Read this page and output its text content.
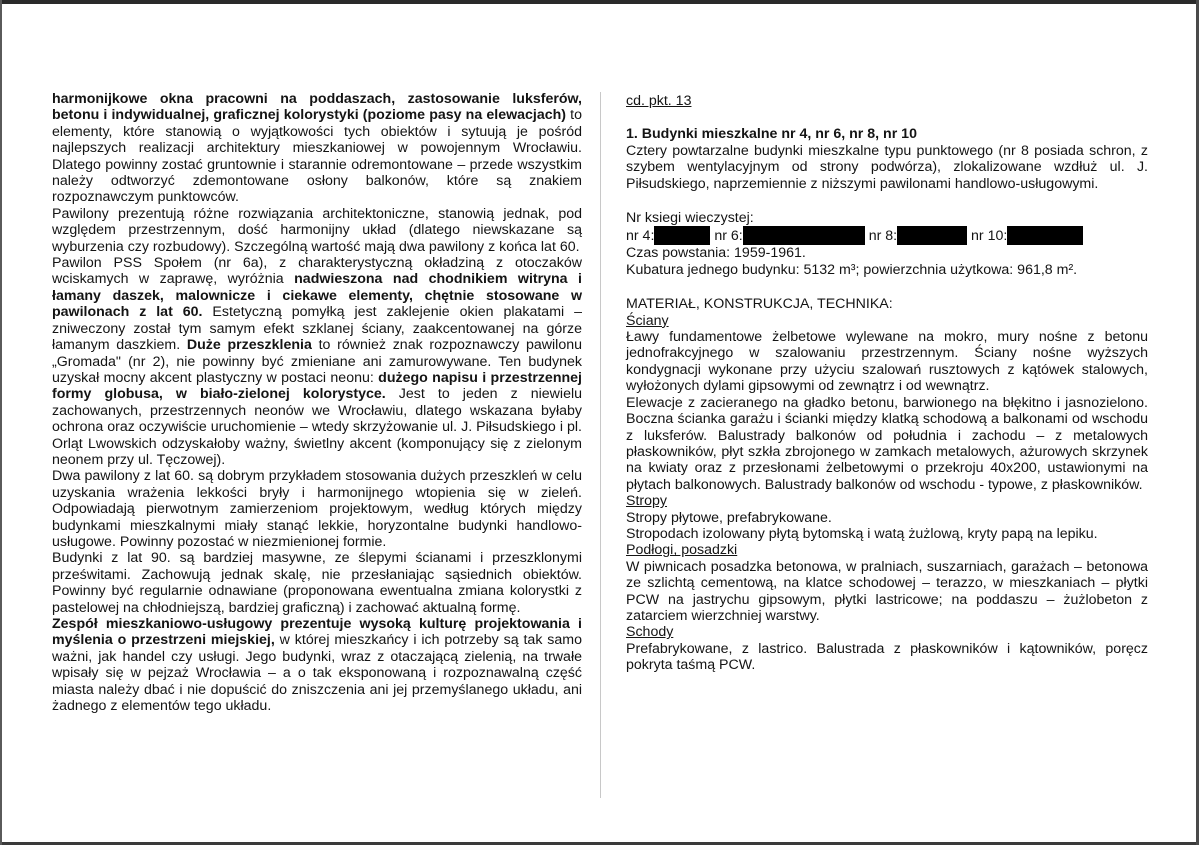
harmonijkowe okna pracowni na poddaszach, zastosowanie luksferów, betonu i indywidualnej, graficznej kolorystyki (poziome pasy na elewacjach) to elementy, które stanowią o wyjątkowości tych obiektów i sytuują je pośród najlepszych realizacji architektury mieszkaniowej w powojennym Wrocławiu. Dlatego powinny zostać gruntownie i starannie odremontowane – przede wszystkim należy odtworzyć zdemontowane osłony balkonów, które są znakiem rozpoznawczym punktowców.

Pawilony prezentują różne rozwiązania architektoniczne, stanowią jednak, pod względem przestrzennym, dość harmonijny układ (dlatego niewskazane są wyburzenia czy rozbudowy). Szczególną wartość mają dwa pawilony z końca lat 60.

Pawilon PSS Społem (nr 6a), z charakterystyczną okładziną z otoczaków wciskamych w zaprawę, wyróżnia nadwieszona nad chodnikiem witryna i łamany daszek, malownicze i ciekawe elementy, chętnie stosowane w pawilonach z lat 60. Estetyczną pomyłką jest zaklejenie okien plakatami – zniweczony został tym samym efekt szklanej ściany, zaakcentowanej na górze łamanym daszkiem. Duże przeszklenia to również znak rozpoznawczy pawilonu „Gromada" (nr 2), nie powinny być zmieniane ani zamurowywane. Ten budynek uzyskał mocny akcent plastyczny w postaci neonu: dużego napisu i przestrzennej formy globusa, w biało-zielonej kolorystyce. Jest to jeden z niewielu zachowanych, przestrzennych neonów we Wrocławiu, dlatego wskazana byłaby ochrona oraz oczywiście uruchomienie – wtedy skrzyżowanie ul. J. Piłsudskiego i pl. Orląt Lwowskich odzyskałoby ważny, świetlny akcent (komponujący się z zielonym neonem przy ul. Tęczowej).

Dwa pawilony z lat 60. są dobrym przykładem stosowania dużych przeszkleń w celu uzyskania wrażenia lekkości bryły i harmonijnego wtopienia się w zieleń. Odpowiadają pierwotnym zamierzeniom projektowym, według których między budynkami mieszkalnymi miały stanąć lekkie, horyzontalne budynki handlowo-usługowe. Powinny pozostać w niezmienionej formie.

Budynki z lat 90. są bardziej masywne, ze ślepymi ścianami i przeszklonymi prześwitami. Zachowują jednak skalę, nie przesłaniając sąsiednich obiektów. Powinny być regularnie odnawiane (proponowana ewentualna zmiana kolorystki z pastelowej na chłodniejszą, bardziej graficzną) i zachować aktualną formę.

Zespół mieszkaniowo-usługowy prezentuje wysoką kulturę projektowania i myślenia o przestrzeni miejskiej, w której mieszkańcy i ich potrzeby są tak samo ważni, jak handel czy usługi. Jego budynki, wraz z otaczającą zielenią, na trwałe wpisały się w pejzaż Wrocławia – a o tak eksponowaną i rozpoznawalną część miasta należy dbać i nie dopuścić do zniszczenia ani jej przemyślanego układu, ani żadnego z elementów tego układu.

cd. pkt. 13

1. Budynki mieszkalne nr 4, nr 6, nr 8, nr 10

Cztery powtarzalne budynki mieszkalne typu punktowego (nr 8 posiada schron, z szybem wentylacyjnym od strony podwórza), zlokalizowane wzdłuż ul. J. Piłsudskiego, naprzemiennie z niższymi pawilonami handlowo-usługowymi.

Nr ksiegi wieczystej:

nr 4:	nr 6:	nr 8:	nr 10:

Czas powstania: 1959-1961.

Kubatura jednego budynku: 5132 m³; powierzchnia użytkowa: 961,8 m².

MATERIAŁ, KONSTRUKCJA, TECHNIKA:

Ściany

Ławy fundamentowe żelbetowe wylewane na mokro, mury nośne z betonu jednofrakcyjnego w szalowaniu przestrzennym. Ściany nośne wyższych kondygnacji wykonane przy użyciu szalowań rusztowych z kątówek stalowych, wyłożonych dylami gipsowymi od zewnątrz i od wewnątrz.

Elewacje z zacieranego na gładko betonu, barwionego na błękitno i jasnozielono. Boczna ścianka garażu i ścianki między klatką schodową a balkonami od wschodu z luksferów. Balustrady balkonów od południa i zachodu – z metalowych płaskowników, płyt szkła zbrojonego w zamkach metalowych, ażurowych skrzynek na kwiaty oraz z przesłonami żelbetowymi o przekroju 40x200, ustawionymi na płytach balkonowych. Balustrady balkonów od wschodu - typowe, z płaskowników.

Stropy

Stropy płytowe, prefabrykowane.

Stropodach izolowany płytą bytomską i watą żużlową, kryty papą na lepiku.

Podłogi, posadzki

W piwnicach posadzka betonowa, w pralniach, suszarniach, garażach – betonowa ze szlichtą cementową, na klatce schodowej – terazzo, w mieszkaniach – płytki PCW na jastrychu gipsowym, płytki lastricowe; na poddaszu – żużlobeton z zatarciem wierzchniej warstwy.

Schody

Prefabrykowane, z lastrico. Balustrada z płaskowników i kątowników, poręcz pokryta taśmą PCW.
